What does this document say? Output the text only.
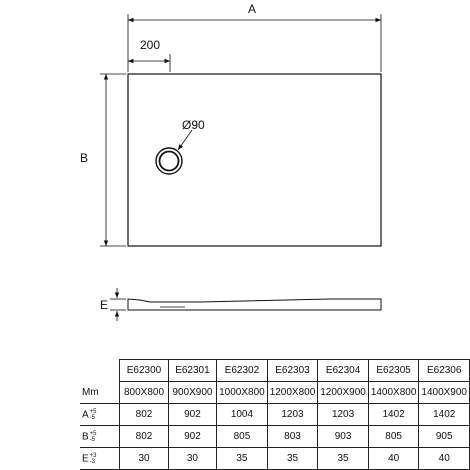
A
200
B
Ø90
E
	E62300	E62301	E62302	E62303	E62304	E62305	E62306
Mm	800X800	900X900	1000X800	1200X800	1200X900	1400X800	1400X900
A +5
-5	802	902	1004	1203	1203	1402	1402
B +5
-5	802	902	805	803	903	805	905
E +3
-3	30	30	35	35	35	40	40
